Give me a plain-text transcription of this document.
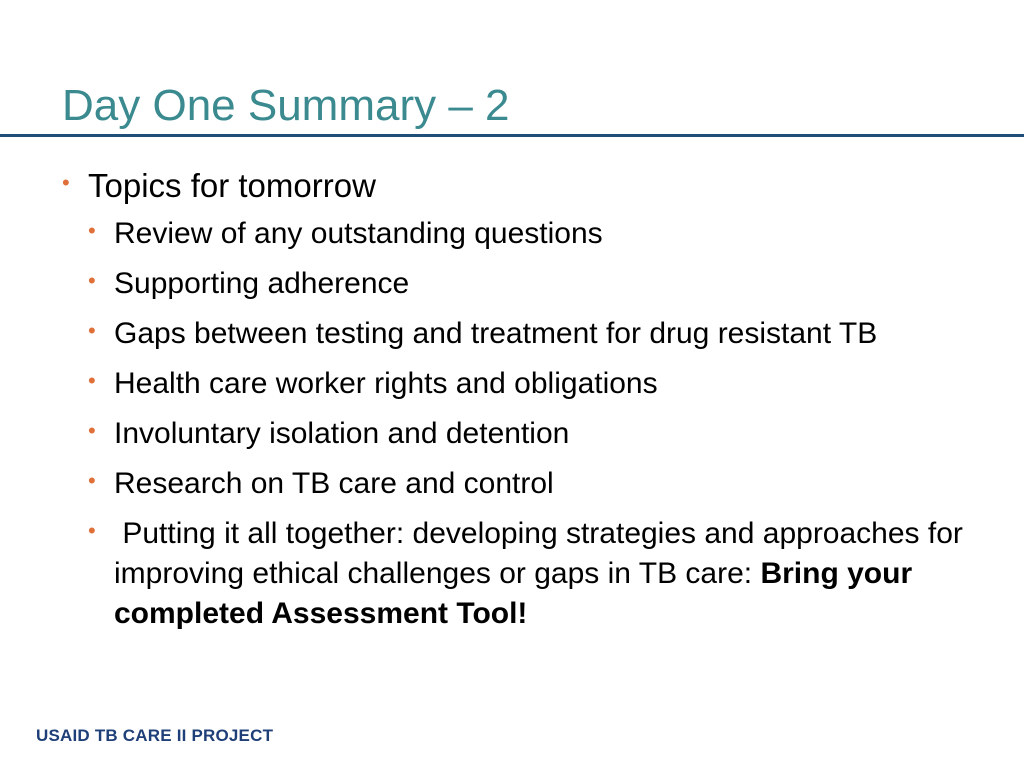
Day One Summary – 2
• Topics for tomorrow
• Review of any outstanding questions
• Supporting adherence
• Gaps between testing and treatment for drug resistant TB
• Health care worker rights and obligations
• Involuntary isolation and detention
• Research on TB care and control
• Putting it all together: developing strategies and approaches for improving ethical challenges or gaps in TB care: Bring your completed Assessment Tool!
USAID TB CARE II PROJECT
